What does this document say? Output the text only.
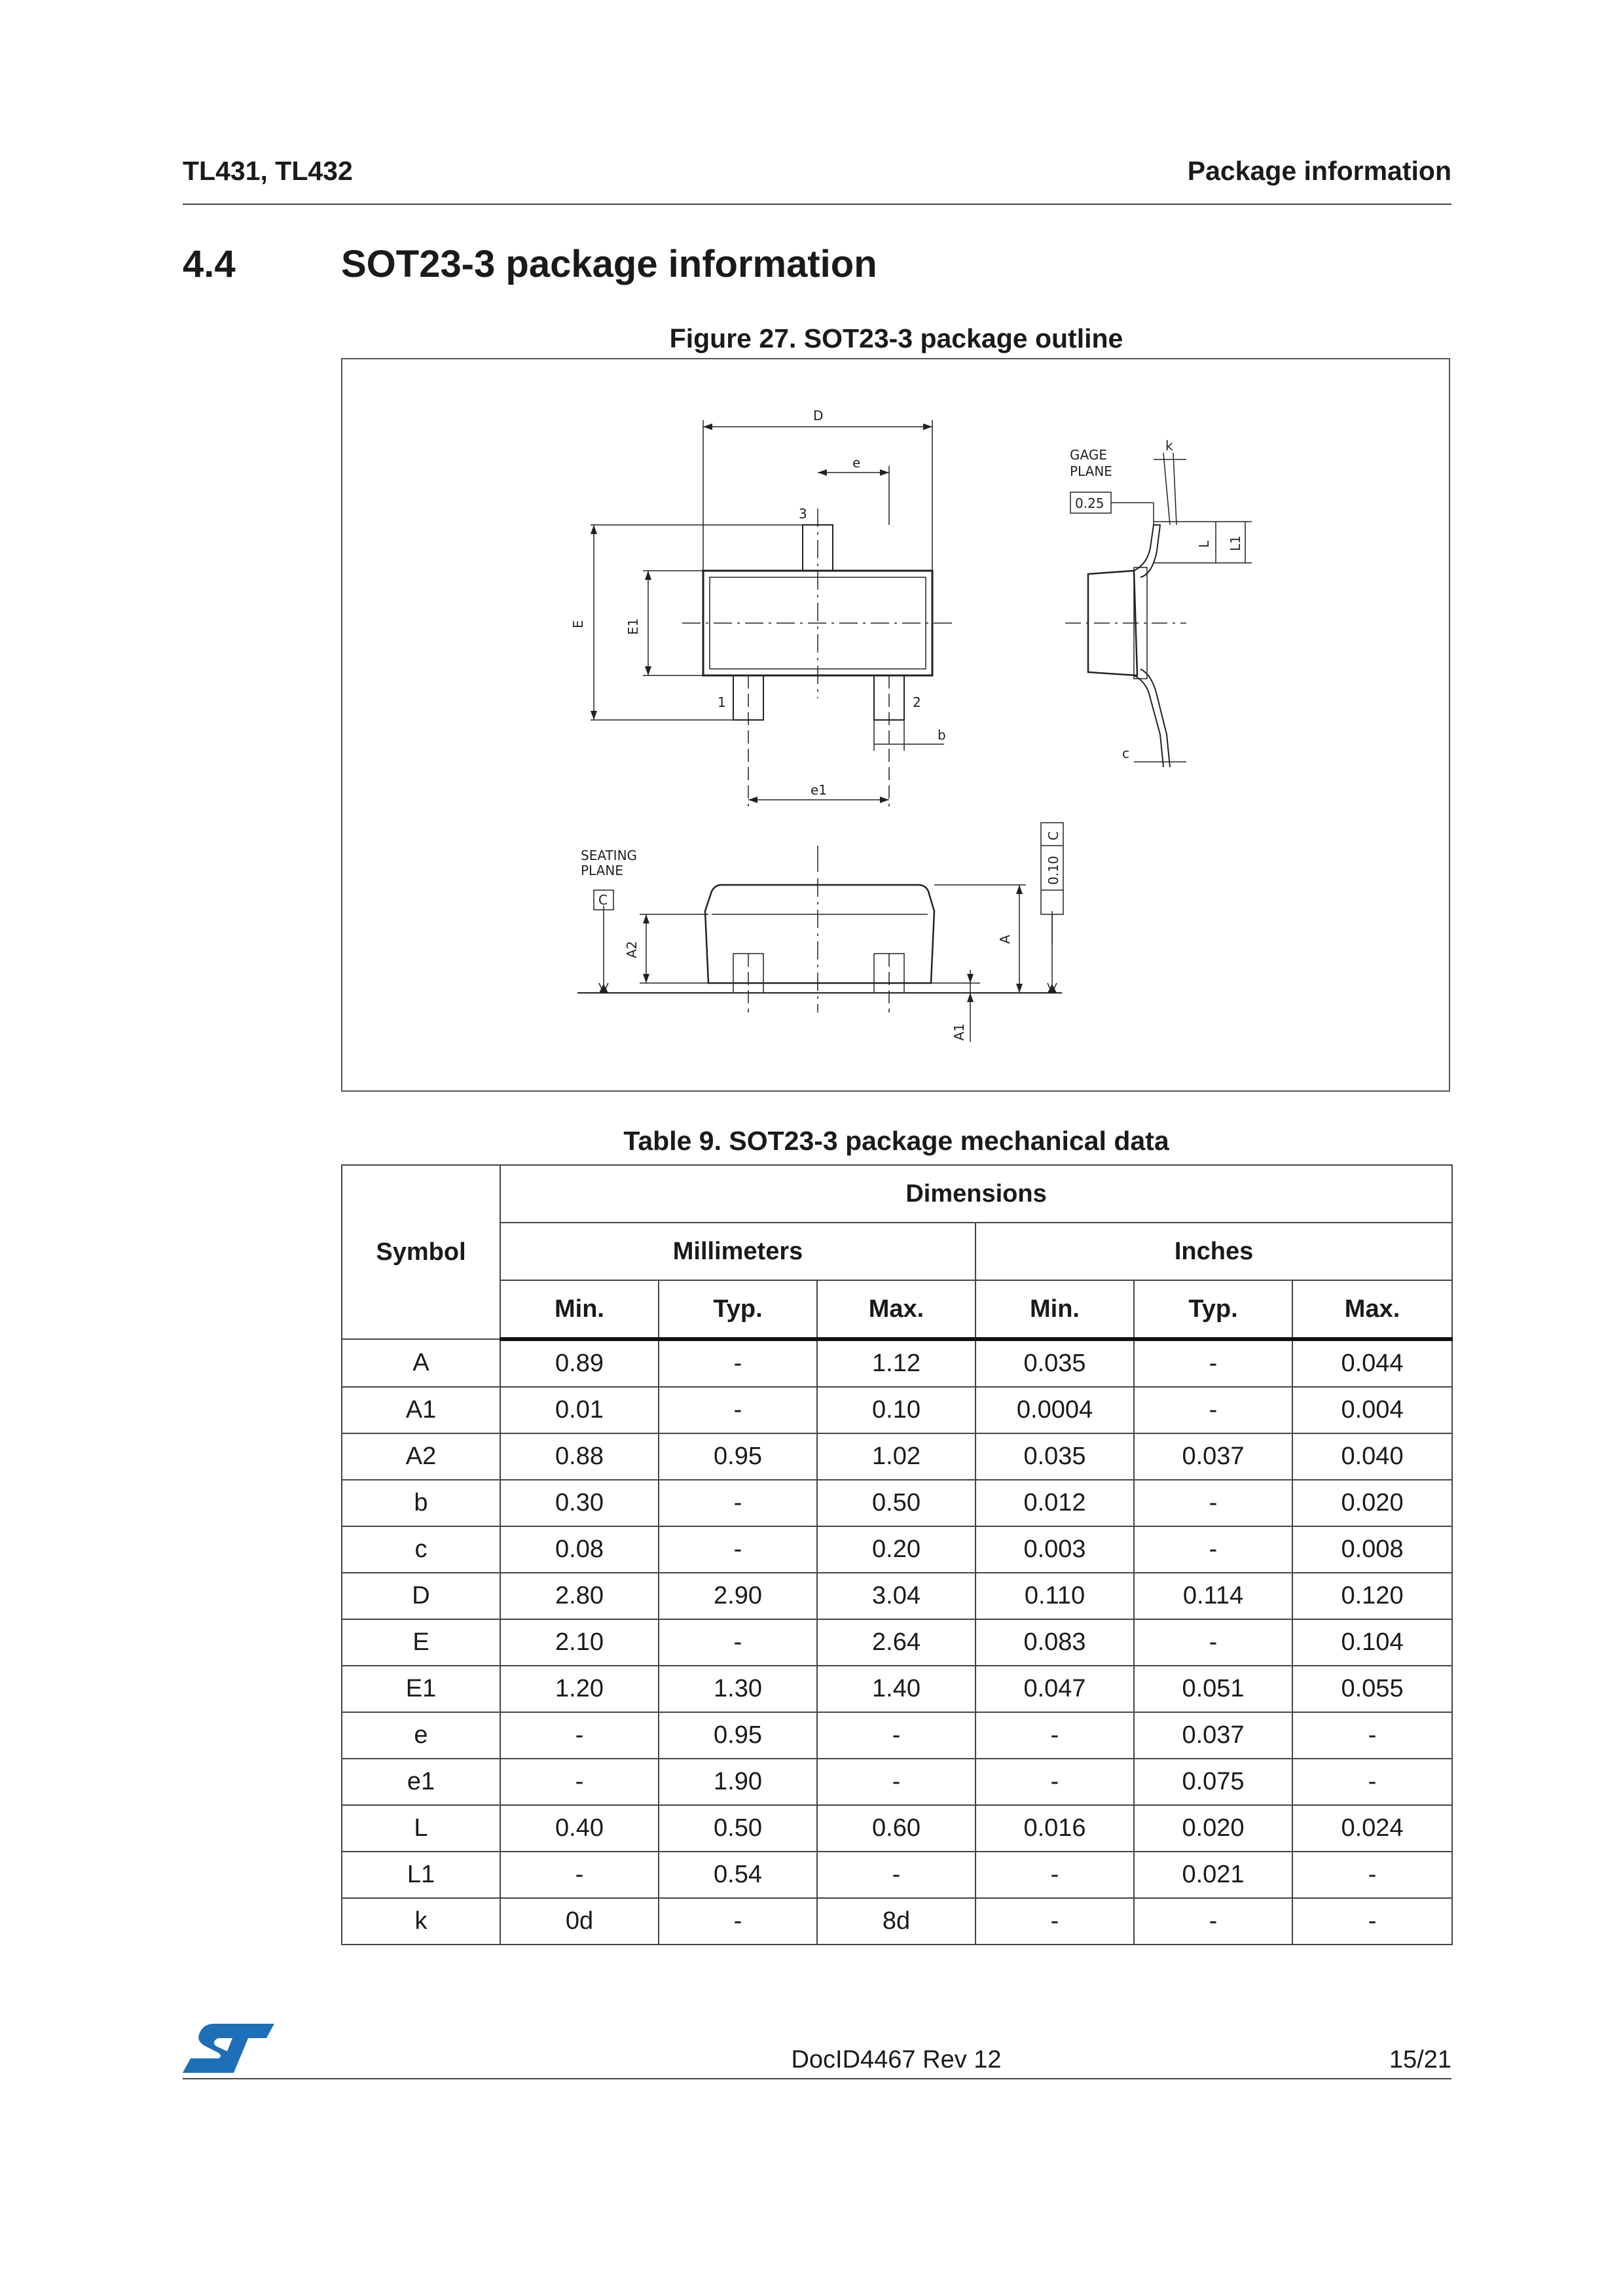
TL431, TL432	Package information
4.4	SOT23-3 package information
Figure 27. SOT23-3 package outline
D
e
3
E	E1
1	2
b
e1
GAGE
PLANE
0.25
k
L L1
c
SEATING
PLANE
C
A2
A
A1
0.10
C
Table 9. SOT23-3 package mechanical data
Symbol	Dimensions					
	Millimeters			Inches		
	Min.	Typ.	Max.	Min.	Typ.	Max.
A	0.89	-	1.12	0.035	-	0.044
A1	0.01	-	0.10	0.0004	-	0.004
A2	0.88	0.95	1.02	0.035	0.037	0.040
b	0.30	-	0.50	0.012	-	0.020
c	0.08	-	0.20	0.003	-	0.008
D	2.80	2.90	3.04	0.110	0.114	0.120
E	2.10	-	2.64	0.083	-	0.104
E1	1.20	1.30	1.40	0.047	0.051	0.055
e	-	0.95	-	-	0.037	-
e1	-	1.90	-	-	0.075	-
L	0.40	0.50	0.60	0.016	0.020	0.024
L1	-	0.54	-	-	0.021	-
k	0d	-	8d	-	-	-
DocID4467 Rev 12	15/21
